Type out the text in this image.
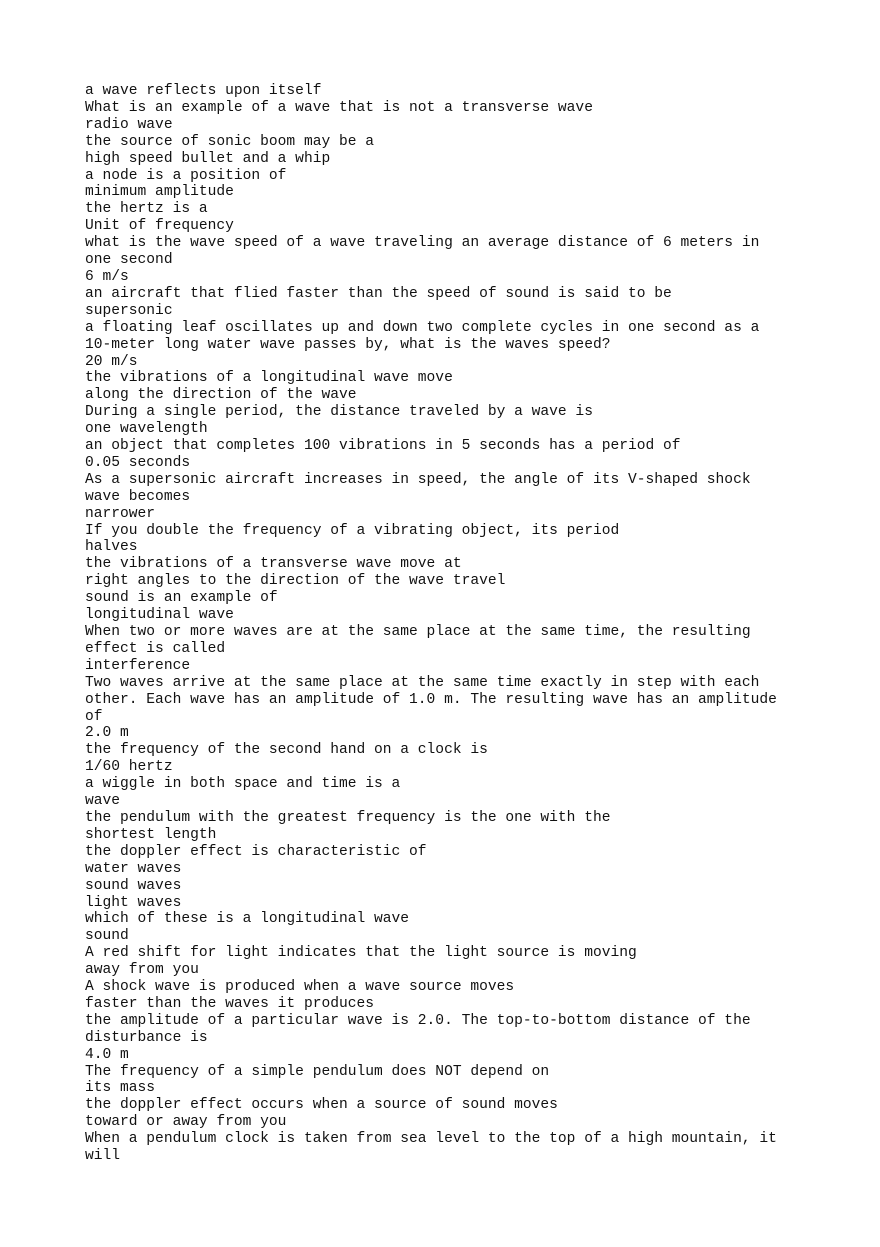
a wave reflects upon itself
What is an example of a wave that is not a transverse wave
radio wave
the source of sonic boom may be a
high speed bullet and a whip
a node is a position of
minimum amplitude
the hertz is a
Unit of frequency
what is the wave speed of a wave traveling an average distance of 6 meters in
one second
6 m/s
an aircraft that flied faster than the speed of sound is said to be
supersonic
a floating leaf oscillates up and down two complete cycles in one second as a
10-meter long water wave passes by, what is the waves speed?
20 m/s
the vibrations of a longitudinal wave move
along the direction of the wave
During a single period, the distance traveled by a wave is
one wavelength
an object that completes 100 vibrations in 5 seconds has a period of
0.05 seconds
As a supersonic aircraft increases in speed, the angle of its V-shaped shock
wave becomes
narrower
If you double the frequency of a vibrating object, its period
halves
the vibrations of a transverse wave move at
right angles to the direction of the wave travel
sound is an example of
longitudinal wave
When two or more waves are at the same place at the same time, the resulting
effect is called
interference
Two waves arrive at the same place at the same time exactly in step with each
other. Each wave has an amplitude of 1.0 m. The resulting wave has an amplitude
of
2.0 m
the frequency of the second hand on a clock is
1/60 hertz
a wiggle in both space and time is a
wave
the pendulum with the greatest frequency is the one with the
shortest length
the doppler effect is characteristic of
water waves
sound waves
light waves
which of these is a longitudinal wave
sound
A red shift for light indicates that the light source is moving
away from you
A shock wave is produced when a wave source moves
faster than the waves it produces
the amplitude of a particular wave is 2.0. The top-to-bottom distance of the
disturbance is
4.0 m
The frequency of a simple pendulum does NOT depend on
its mass
the doppler effect occurs when a source of sound moves
toward or away from you
When a pendulum clock is taken from sea level to the top of a high mountain, it
will
